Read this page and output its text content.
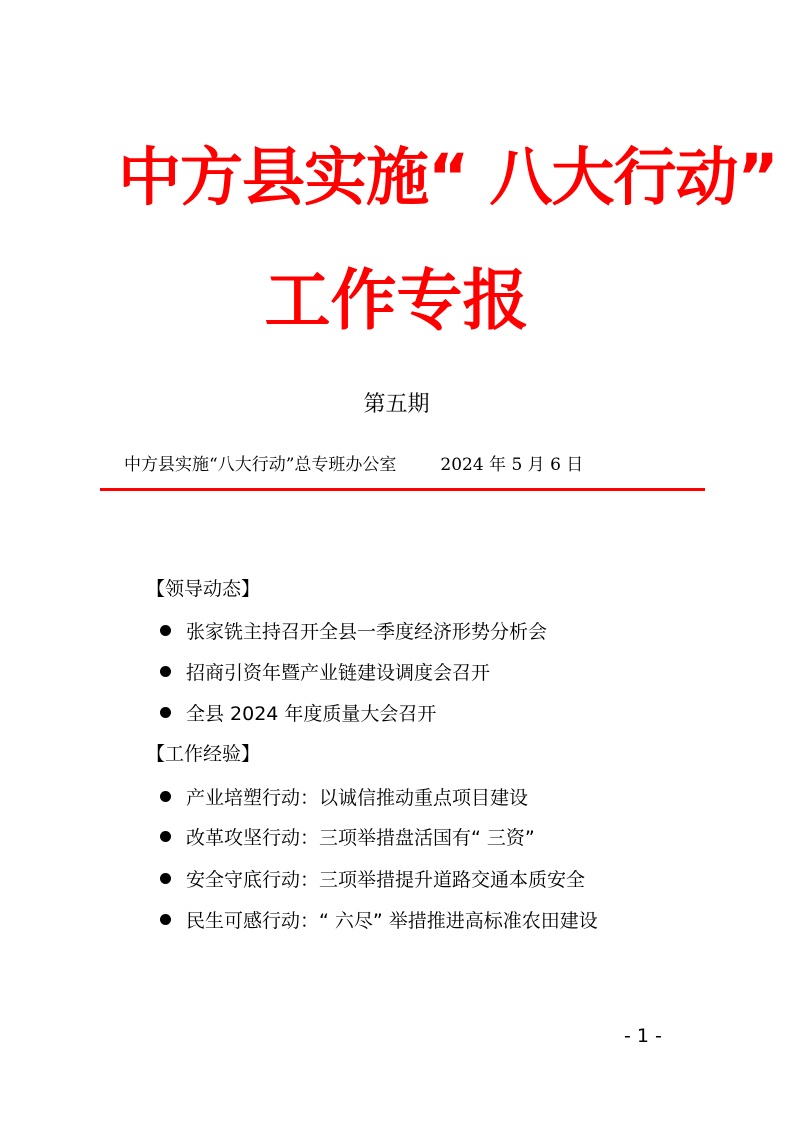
中方县实施“ 八大行动”
工作专报
第五期
中方县实施“八大行动”总专班办公室	2024 年 5 月 6 日
【领导动态】
张家铣主持召开全县一季度经济形势分析会
招商引资年暨产业链建设调度会召开
全县 2024 年度质量大会召开
【工作经验】
产业培塑行动：以诚信推动重点项目建设
改革攻坚行动：三项举措盘活国有“ 三资”
安全守底行动：三项举措提升道路交通本质安全
民生可感行动：“ 六尽” 举措推进高标准农田建设
- 1 -
